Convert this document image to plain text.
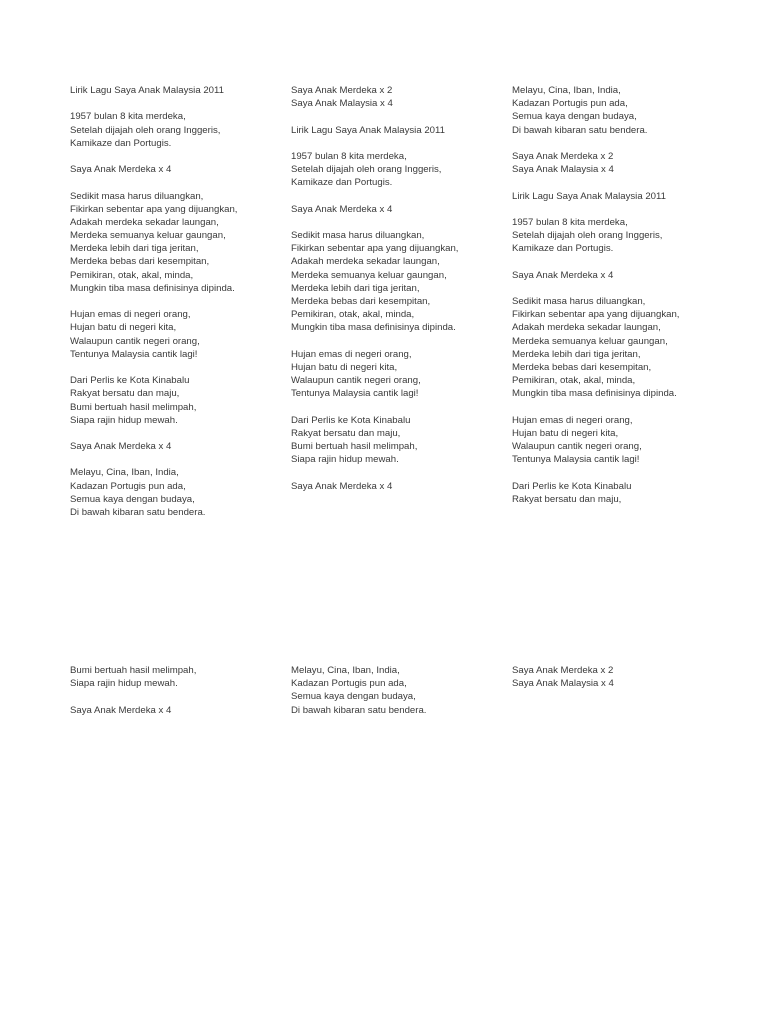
Lirik Lagu Saya Anak Malaysia 2011
1957 bulan 8 kita merdeka,
Setelah dijajah oleh orang Inggeris,
Kamikaze dan Portugis.
Saya Anak Merdeka x 4
Sedikit masa harus diluangkan,
Fikirkan sebentar apa yang dijuangkan,
Adakah merdeka sekadar laungan,
Merdeka semuanya keluar gaungan,
Merdeka lebih dari tiga jeritan,
Merdeka bebas dari kesempitan,
Pemikiran, otak, akal, minda,
Mungkin tiba masa definisinya dipinda.
Hujan emas di negeri orang,
Hujan batu di negeri kita,
Walaupun cantik negeri orang,
Tentunya Malaysia cantik lagi!
Dari Perlis ke Kota Kinabalu
Rakyat bersatu dan maju,
Bumi bertuah hasil melimpah,
Siapa rajin hidup mewah.
Saya Anak Merdeka x 4
Melayu, Cina, Iban, India,
Kadazan Portugis pun ada,
Semua kaya dengan budaya,
Di bawah kibaran satu bendera.
Saya Anak Merdeka x 2
Saya Anak Malaysia x 4
Lirik Lagu Saya Anak Malaysia 2011
1957 bulan 8 kita merdeka,
Setelah dijajah oleh orang Inggeris,
Kamikaze dan Portugis.
Saya Anak Merdeka x 4
Sedikit masa harus diluangkan,
Fikirkan sebentar apa yang dijuangkan,
Adakah merdeka sekadar laungan,
Merdeka semuanya keluar gaungan,
Merdeka lebih dari tiga jeritan,
Merdeka bebas dari kesempitan,
Pemikiran, otak, akal, minda,
Mungkin tiba masa definisinya dipinda.
Hujan emas di negeri orang,
Hujan batu di negeri kita,
Walaupun cantik negeri orang,
Tentunya Malaysia cantik lagi!
Dari Perlis ke Kota Kinabalu
Rakyat bersatu dan maju,
Bumi bertuah hasil melimpah,
Siapa rajin hidup mewah.
Saya Anak Merdeka x 4
Melayu, Cina, Iban, India,
Kadazan Portugis pun ada,
Semua kaya dengan budaya,
Di bawah kibaran satu bendera.
Saya Anak Merdeka x 2
Saya Anak Malaysia x 4
Lirik Lagu Saya Anak Malaysia 2011
1957 bulan 8 kita merdeka,
Setelah dijajah oleh orang Inggeris,
Kamikaze dan Portugis.
Saya Anak Merdeka x 4
Sedikit masa harus diluangkan,
Fikirkan sebentar apa yang dijuangkan,
Adakah merdeka sekadar laungan,
Merdeka semuanya keluar gaungan,
Merdeka lebih dari tiga jeritan,
Merdeka bebas dari kesempitan,
Pemikiran, otak, akal, minda,
Mungkin tiba masa definisinya dipinda.
Hujan emas di negeri orang,
Hujan batu di negeri kita,
Walaupun cantik negeri orang,
Tentunya Malaysia cantik lagi!
Dari Perlis ke Kota Kinabalu
Rakyat bersatu dan maju,
Bumi bertuah hasil melimpah,
Siapa rajin hidup mewah.
Saya Anak Merdeka x 4
Melayu, Cina, Iban, India,
Kadazan Portugis pun ada,
Semua kaya dengan budaya,
Di bawah kibaran satu bendera.
Saya Anak Merdeka x 2
Saya Anak Malaysia x 4
